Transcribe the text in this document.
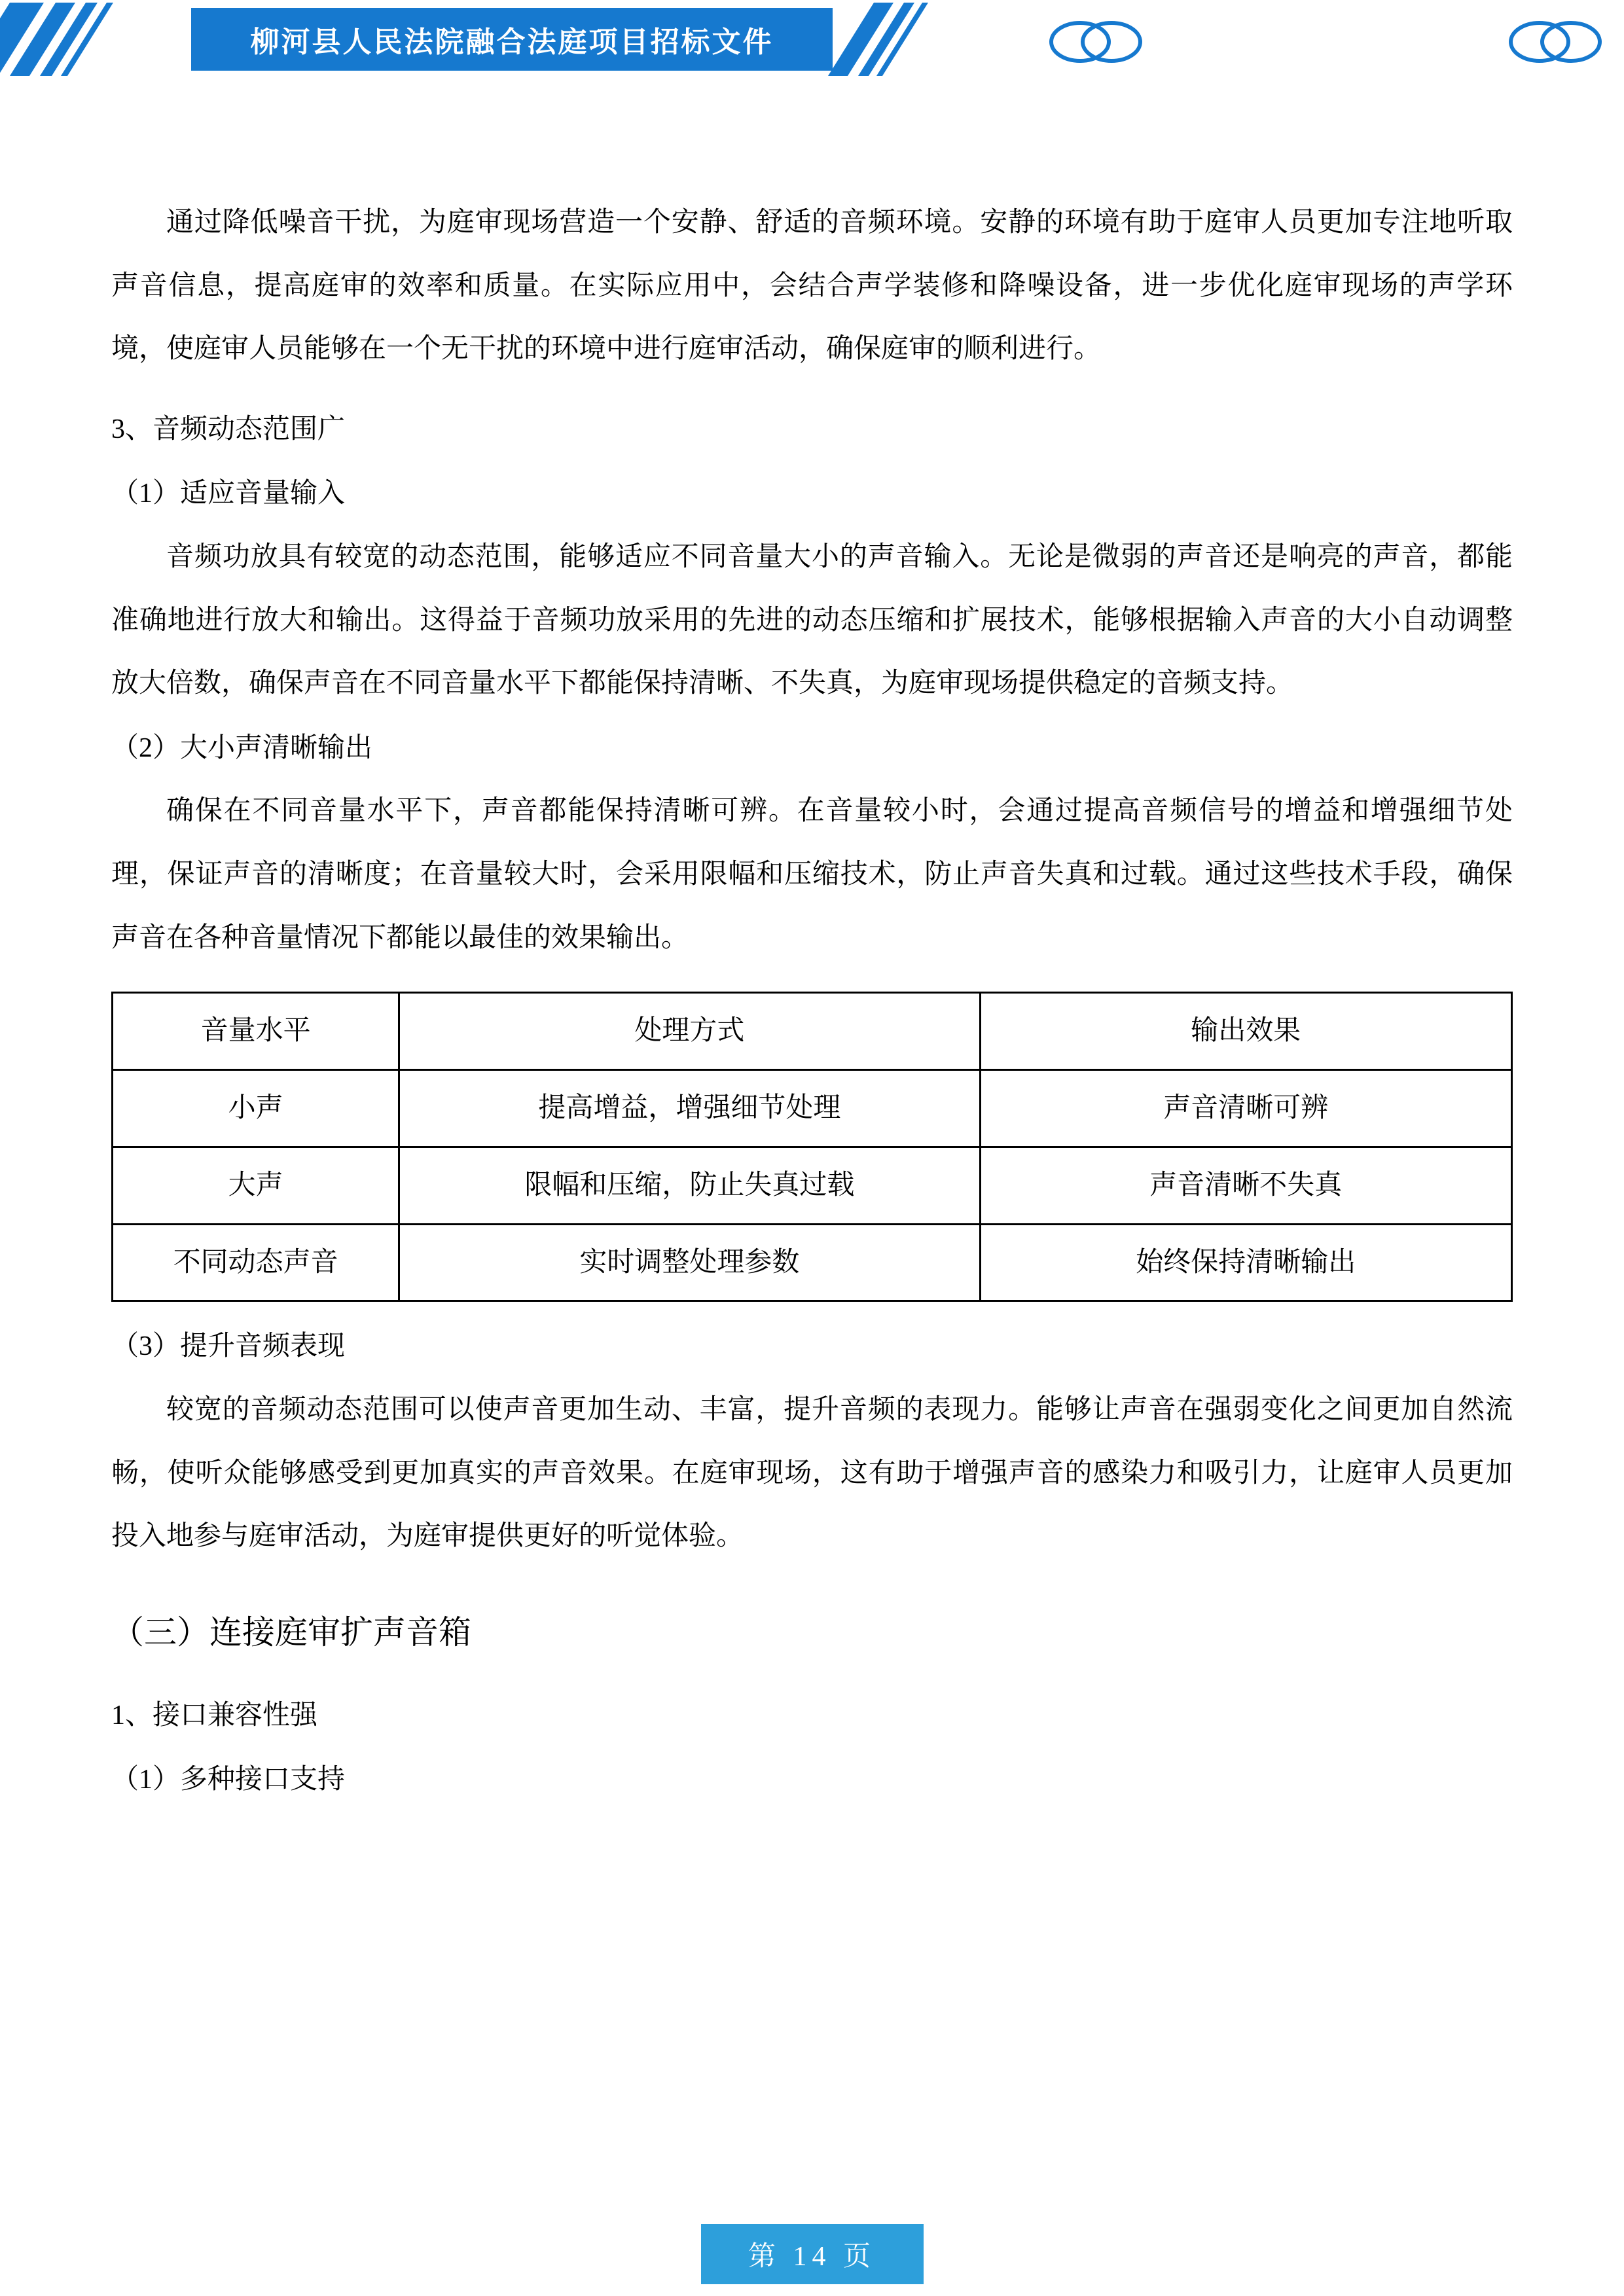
柳河县人民法院融合法庭项目招标文件

通过降低噪音干扰，为庭审现场营造一个安静、舒适的音频环境。安静的环境有助于庭审人员更加专注地听取声音信息，提高庭审的效率和质量。在实际应用中，会结合声学装修和降噪设备，进一步优化庭审现场的声学环境，使庭审人员能够在一个无干扰的环境中进行庭审活动，确保庭审的顺利进行。

3、音频动态范围广

（1）适应音量输入

音频功放具有较宽的动态范围，能够适应不同音量大小的声音输入。无论是微弱的声音还是响亮的声音，都能准确地进行放大和输出。这得益于音频功放采用的先进的动态压缩和扩展技术，能够根据输入声音的大小自动调整放大倍数，确保声音在不同音量水平下都能保持清晰、不失真，为庭审现场提供稳定的音频支持。

（2）大小声清晰输出

确保在不同音量水平下，声音都能保持清晰可辨。在音量较小时，会通过提高音频信号的增益和增强细节处理，保证声音的清晰度；在音量较大时，会采用限幅和压缩技术，防止声音失真和过载。通过这些技术手段，确保声音在各种音量情况下都能以最佳的效果输出。

音量水平	处理方式	输出效果
小声	提高增益，增强细节处理	声音清晰可辨
大声	限幅和压缩，防止失真过载	声音清晰不失真
不同动态声音	实时调整处理参数	始终保持清晰输出

（3）提升音频表现

较宽的音频动态范围可以使声音更加生动、丰富，提升音频的表现力。能够让声音在强弱变化之间更加自然流畅，使听众能够感受到更加真实的声音效果。在庭审现场，这有助于增强声音的感染力和吸引力，让庭审人员更加投入地参与庭审活动，为庭审提供更好的听觉体验。

（三）连接庭审扩声音箱

1、接口兼容性强

（1）多种接口支持

第 14 页
